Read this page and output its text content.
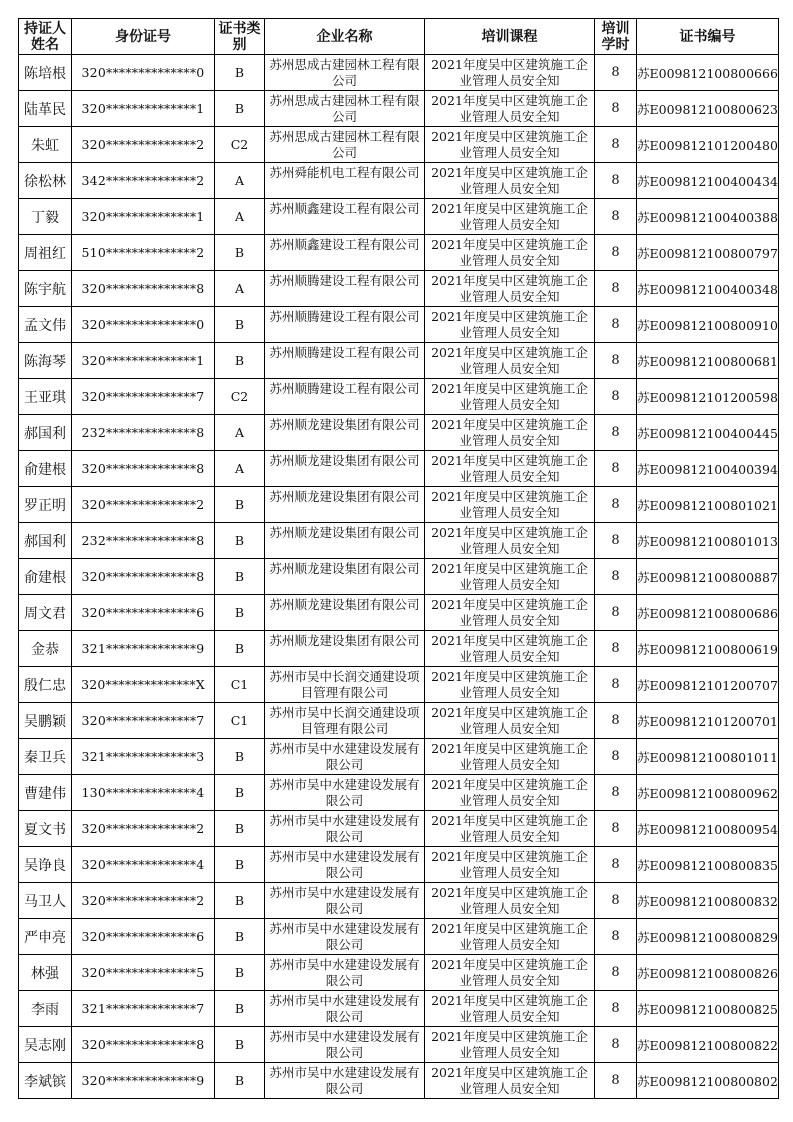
持证人姓名	身份证号	证书类别	企业名称	培训课程	培训学时	证书编号
陈培根	320**************0	B	苏州思成古建园林工程有限公司	2021年度吴中区建筑施工企业管理人员安全知	8	苏E009812100800666
陆革民	320**************1	B	苏州思成古建园林工程有限公司	2021年度吴中区建筑施工企业管理人员安全知	8	苏E009812100800623
朱虹	320**************2	C2	苏州思成古建园林工程有限公司	2021年度吴中区建筑施工企业管理人员安全知	8	苏E009812101200480
徐松林	342**************2	A	苏州舜能机电工程有限公司	2021年度吴中区建筑施工企业管理人员安全知	8	苏E009812100400434
丁毅	320**************1	A	苏州顺鑫建设工程有限公司	2021年度吴中区建筑施工企业管理人员安全知	8	苏E009812100400388
周祖红	510**************2	B	苏州顺鑫建设工程有限公司	2021年度吴中区建筑施工企业管理人员安全知	8	苏E009812100800797
陈宇航	320**************8	A	苏州顺腾建设工程有限公司	2021年度吴中区建筑施工企业管理人员安全知	8	苏E009812100400348
孟文伟	320**************0	B	苏州顺腾建设工程有限公司	2021年度吴中区建筑施工企业管理人员安全知	8	苏E009812100800910
陈海琴	320**************1	B	苏州顺腾建设工程有限公司	2021年度吴中区建筑施工企业管理人员安全知	8	苏E009812100800681
王亚琪	320**************7	C2	苏州顺腾建设工程有限公司	2021年度吴中区建筑施工企业管理人员安全知	8	苏E009812101200598
郝国利	232**************8	A	苏州顺龙建设集团有限公司	2021年度吴中区建筑施工企业管理人员安全知	8	苏E009812100400445
俞建根	320**************8	A	苏州顺龙建设集团有限公司	2021年度吴中区建筑施工企业管理人员安全知	8	苏E009812100400394
罗正明	320**************2	B	苏州顺龙建设集团有限公司	2021年度吴中区建筑施工企业管理人员安全知	8	苏E009812100801021
郝国利	232**************8	B	苏州顺龙建设集团有限公司	2021年度吴中区建筑施工企业管理人员安全知	8	苏E009812100801013
俞建根	320**************8	B	苏州顺龙建设集团有限公司	2021年度吴中区建筑施工企业管理人员安全知	8	苏E009812100800887
周文君	320**************6	B	苏州顺龙建设集团有限公司	2021年度吴中区建筑施工企业管理人员安全知	8	苏E009812100800686
金恭	321**************9	B	苏州顺龙建设集团有限公司	2021年度吴中区建筑施工企业管理人员安全知	8	苏E009812100800619
殷仁忠	320**************X	C1	苏州市吴中长润交通建设项目管理有限公司	2021年度吴中区建筑施工企业管理人员安全知	8	苏E009812101200707
吴鹏颖	320**************7	C1	苏州市吴中长润交通建设项目管理有限公司	2021年度吴中区建筑施工企业管理人员安全知	8	苏E009812101200701
秦卫兵	321**************3	B	苏州市吴中水建建设发展有限公司	2021年度吴中区建筑施工企业管理人员安全知	8	苏E009812100801011
曹建伟	130**************4	B	苏州市吴中水建建设发展有限公司	2021年度吴中区建筑施工企业管理人员安全知	8	苏E009812100800962
夏文书	320**************2	B	苏州市吴中水建建设发展有限公司	2021年度吴中区建筑施工企业管理人员安全知	8	苏E009812100800954
吴诤良	320**************4	B	苏州市吴中水建建设发展有限公司	2021年度吴中区建筑施工企业管理人员安全知	8	苏E009812100800835
马卫人	320**************2	B	苏州市吴中水建建设发展有限公司	2021年度吴中区建筑施工企业管理人员安全知	8	苏E009812100800832
严申亮	320**************6	B	苏州市吴中水建建设发展有限公司	2021年度吴中区建筑施工企业管理人员安全知	8	苏E009812100800829
林强	320**************5	B	苏州市吴中水建建设发展有限公司	2021年度吴中区建筑施工企业管理人员安全知	8	苏E009812100800826
李雨	321**************7	B	苏州市吴中水建建设发展有限公司	2021年度吴中区建筑施工企业管理人员安全知	8	苏E009812100800825
吴志刚	320**************8	B	苏州市吴中水建建设发展有限公司	2021年度吴中区建筑施工企业管理人员安全知	8	苏E009812100800822
李斌镔	320**************9	B	苏州市吴中水建建设发展有限公司	2021年度吴中区建筑施工企业管理人员安全知	8	苏E009812100800802
